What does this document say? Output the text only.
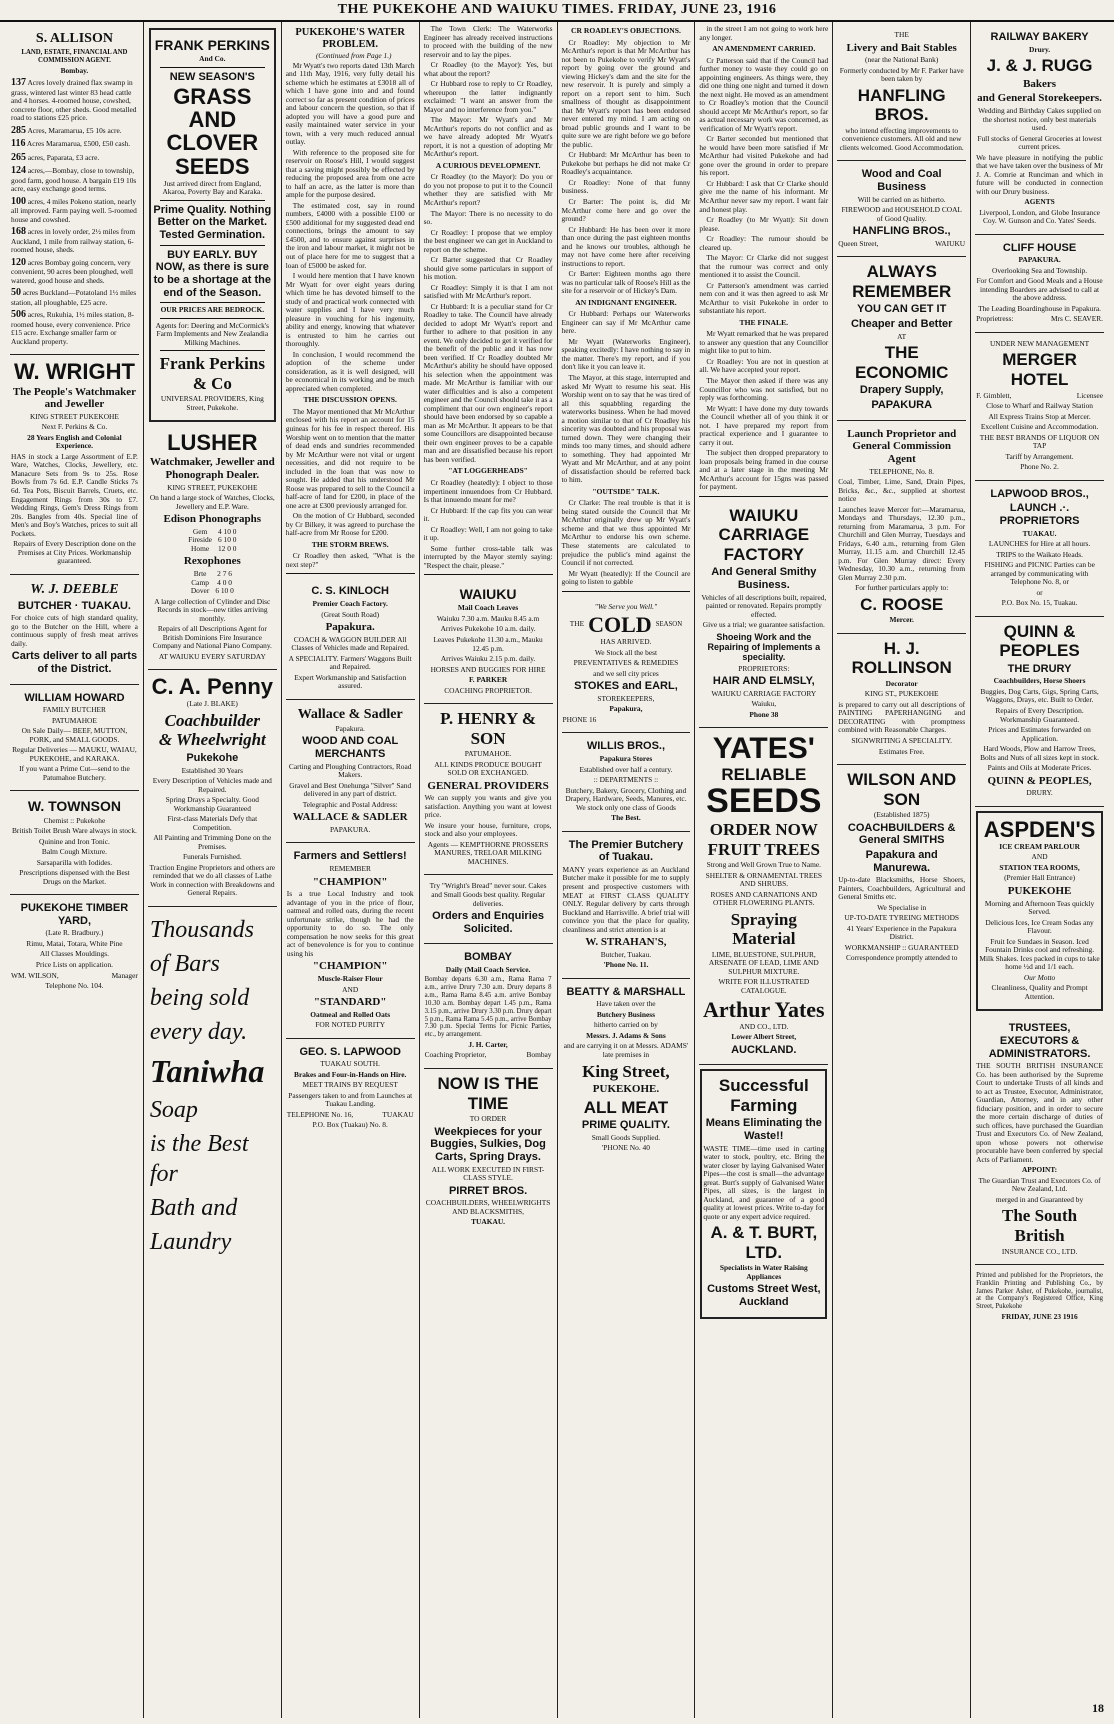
THE PUKEKOHE AND WAIUKU TIMES. FRIDAY, JUNE 23, 1916
S. ALLISON

LAND, ESTATE, FINANCIAL AND COMMISSION AGENT.

Bombay.

137 Acres lovely drained flax swamp in grass, wintered last winter 83 head cattle and 4 horses. 4-roomed house, cowshed, concrete floor, other sheds. Good metalled road to stations £25 price.

285 Acres, Maramarua, £5 10s acre.

116 Acres Maramarua, £500, £50 cash.

265 acres, Paparata, £3 acre.

124 acres,—Bombay, close to township, good farm, good house. A bargain £19 10s acre, easy exchange good terms.

100 acres, 4 miles Pokeno station, nearly all improved. Farm paying well. 5-roomed house and cowshed.

168 acres in lovely order, 2½ miles from Auckland, 1 mile from railway station, 6-roomed house, sheds.

120 acres Bombay going concern, very convenient, 90 acres been ploughed, well watered, good house and sheds.

50 acres Buckland—Potatoland 1½ miles station, all ploughable, £25 acre.

506 acres, Rukuhia, 1½ miles station, 8-roomed house, every convenience. Price £15 acre. Exchange smaller farm or Auckland property.

W. WRIGHT
The People's Watchmaker and Jeweller

KING STREET PUKEKOHE

Next F. Perkins & Co.

28 Years English and Colonial Experience.

HAS in stock a Large Assortment of E.P. Ware, Watches, Clocks, Jewellery, etc. Manacure Sets from 9s to 25s. Rose Bowls from 7s 6d. E.P. Candle Sticks 7s 6d. Tea Pots, Biscuit Barrels, Cruets, etc. Engagement Rings from 30s to £7. Wedding Rings, Gem's Dress Rings from 20s. Bangles from 40s. Special line of Men's and Boy's Watches, prices to suit all Pockets.

Repairs of Every Description done on the Premises at City Prices. Workmanship guaranteed.

W. J. DEEBLE
BUTCHER · TUAKAU.

For choice cuts of high standard quality, go to the Butcher on the Hill, where a continuous supply of fresh meat arrives daily.

Carts deliver to all parts of the District.
WILLIAM HOWARD

FAMILY BUTCHER

PATUMAHOE

On Sale Daily— BEEF, MUTTON, PORK, and SMALL GOODS.

Regular Deliveries — MAUKU, WAIAU, PUKEKOHE, and KARAKA.

If you want a Prime Cut—send to the Patumahoe Butchery.

W. TOWNSON

Chemist :: Pukekohe

British Toilet Brush Ware always in stock.

Quinine and Iron Tonic.

Balm Cough Mixture.

Sarsaparilla with Iodides.

Prescriptions dispensed with the Best Drugs on the Market.

PUKEKOHE TIMBER YARD,

(Late R. Bradbury.)

Rimu, Matai, Totara, White Pine

All Classes Mouldings.

Price Lists on application.

WM. WILSON,	Manager

Telephone No. 104.

FRANK PERKINS

And Co.

NEW SEASON'S
GRASS AND
CLOVER SEEDS

Just arrived direct from England, Akaroa, Poverty Bay and Karaka.

Prime Quality. Nothing Better on the Market. Tested Germination.
BUY EARLY. BUY NOW, as there is sure to be a shortage at the end of the Season.

OUR PRICES ARE BEDROCK.

Agents for: Deering and McCormick's Farm Implements and New Zealandia Milking Machines.

Frank Perkins & Co

UNIVERSAL PROVIDERS, King Street, Pukekohe.

LUSHER
Watchmaker, Jeweller and Phonograph Dealer.

KING STREET, PUKEKOHE

On hand a large stock of Watches, Clocks, Jewellery and E.P. Ware.

Edison Phonographs
Gem	4 10 0
Fireside	6 10 0
Home	12 0 0
Rexophones
Brte	2 7 6
Camp	4 0 0
Dover	6 10 0

A large collection of Cylinder and Disc Records in stock—new titles arriving monthly.

Repairs of all Descriptions Agent for British Dominions Fire Insurance Company and National Piano Company.

AT WAIUKU EVERY SATURDAY

C. A. Penny

(Late J. BLAKE)

Coachbuilder
& Wheelwright
Pukekohe

Established 30 Years

Every Description of Vehicles made and Repaired.

Spring Drays a Specialty. Good Workmanship Guaranteed

First-class Materials Defy that Competition.

All Painting and Trimming Done on the Premises.

Funerals Furnished.

Traction Engine Proprietors and others are reminded that we do all classes of Lathe Work in connection with Breakdowns and General Repairs.

Thousands
of Bars
being sold
every day.
Taniwha
Soap
is the Best for
Bath and
Laundry
PUKEKOHE'S WATER PROBLEM.

(Continued from Page 1.)

Mr Wyatt's two reports dated 13th March and 11th May, 1916, very fully detail his scheme which he estimates at £3018 all of which I have gone into and and found correct so far as present condition of prices and labour concern the question, so that if adopted you will have a good pure and easily maintained water service in your town, with a very much reduced annual outlay.

With reference to the proposed site for reservoir on Roose's Hill, I would suggest that a saving might possibly be effected by reducing the proposed area from one acre to half an acre, as the latter is more than ample for the purpose desired.

The estimated cost, say in round numbers, £4000 with a possible £100 or £500 additional for my suggested dead end connections, brings the amount to say £4500, and to ensure against surprises in the iron and labour market, it might not be out of place here for me to suggest that a loan of £5000 be asked for.

I would here mention that I have known Mr Wyatt for over eight years during which time he has devoted himself to the study of and practical work connected with water supplies and I have very much pleasure in vouching for his ingenuity, ability and energy, knowing that whatever is entrusted to him he carries out thoroughly.

In conclusion, I would recommend the adoption of the scheme under consideration, as it is well designed, will be economical in its working and be much appreciated when completed.

THE DISCUSSION OPENS.

The Mayor mentioned that Mr McArthur enclosed with his report an account for 15 guineas for his fee in respect thereof. His Worship went on to mention that the matter of dead ends and sundries recommended by Mr McArthur were not vital or urgent necessities, and did not require to be included in the loan that was now to sought. He added that his understood Mr Roose was prepared to sell to the Council a half-acre of land for £200, in place of the one acre at £300 previously arranged for.

On the motion of Cr Hubbard, seconded by Cr Bilkey, it was agreed to purchase the half-acre from Mr Roose for £200.

THE STORM BREWS.

Cr Roadley then asked, "What is the next step?"

C. S. KINLOCH

Premier Coach Factory.

(Great South Road)

Papakura.

COACH & WAGGON BUILDER All Classes of Vehicles made and Repaired.

A SPECIALITY. Farmers' Waggons Built and Repaired.

Expert Workmanship and Satisfaction assured.

Wallace & Sadler

Papakura.

WOOD AND COAL MERCHANTS

Carting and Ploughing Contractors, Road Makers.

Gravel and Best Onehunga "Silver" Sand delivered in any part of district.

Telegraphic and Postal Address:

WALLACE & SADLER

PAPAKURA.

Farmers and Settlers!

REMEMBER

"CHAMPION"

Is a true Local Industry and took advantage of you in the price of flour, oatmeal and rolled oats, during the recent unfortunate strike, though he had the opportunity to do so. The only compensation he now seeks for this great act of benevolence is for you to continue using his

"CHAMPION"

Muscle-Raiser Flour

AND

"STANDARD"

Oatmeal and Rolled Oats

FOR NOTED PURITY

GEO. S. LAPWOOD

TUAKAU SOUTH.

Brakes and Four-in-Hands on Hire.

MEET TRAINS BY REQUEST

Passengers taken to and from Launches at Tuakau Landing.

TELEPHONE No. 16,	TUAKAU

P.O. Box (Tuakau) No. 8.

The Town Clerk: The Waterworks Engineer has already received instructions to proceed with the building of the new reservoir and to lay the pipes.

Cr Roadley (to the Mayor): Yes, but what about the report?

Cr Hubbard rose to reply to Cr Roadley, whereupon the latter indignantly exclaimed: "I want an answer from the Mayor and no interference from you."

The Mayor: Mr Wyatt's and Mr McArthur's reports do not conflict and as we have already adopted Mr Wyatt's report, it is not a question of adopting Mr McArthur's report.

A CURIOUS DEVELOPMENT.

Cr Roadley (to the Mayor): Do you or do you not propose to put it to the Council whether they are satisfied with Mr McArthur's report?

The Mayor: There is no necessity to do so.

Cr Roadley: I propose that we employ the best engineer we can get in Auckland to report on the scheme.

Cr Barter suggested that Cr Roadley should give some particulars in support of his motion.

Cr Roadley: Simply it is that I am not satisfied with Mr McArthur's report.

Cr Hubbard: It is a peculiar stand for Cr Roadley to take. The Council have already decided to adopt Mr Wyatt's report and further to adhere to that position in any event. We only decided to get it verified for the benefit of the public and it has now been verified. If Cr Roadley doubted Mr McArthur's ability he should have opposed his selection when the appointment was made. Mr McArthur is familiar with our water difficulties and is also a competent engineer and the Council should take it as a compliment that our own engineer's report should have been endorsed by so capable a man as Mr McArthur. It appears to be that some Councillors are disappointed because their own engineer proves to be a capable man and are dissatisfied because his report has been verified.

"AT LOGGERHEADS"

Cr Roadley (heatedly): I object to those impertinent innuendoes from Cr Hubbard. Is that innuendo meant for me?

Cr Hubbard: If the cap fits you can wear it.

Cr Roadley: Well, I am not going to take it up.

Some further cross-table talk was interrupted by the Mayor sternly saying: "Respect the chair, please."

WAIUKU

Mail Coach Leaves

Waiuku 7.30 a.m. Mauku 8.45 a.m

Arrives Pukekohe 10 a.m. daily.

Leaves Pukekohe 11.30 a.m., Mauku 12.45 p.m.

Arrives Waiuku 2.15 p.m. daily.

HORSES AND BUGGIES FOR HIRE

F. PARKER

COACHING PROPRIETOR.

P. HENRY & SON

PATUMAHOE.

ALL KINDS PRODUCE BOUGHT SOLD OR EXCHANGED.

GENERAL PROVIDERS

We can supply you wants and give you satisfaction. Anything you want at lowest price.

We insure your house, furniture, crops, stock and also your employees.

Agents — KEMPTHORNE PROSSERS MANURES, TRELOAR MILKING MACHINES.

Try "Wright's Bread" never sour. Cakes and Small Goods best quality. Regular deliveries.

Orders and Enquiries Solicited.
BOMBAY

Daily (Mail Coach Service.

Bombay departs 6.30 a.m., Rama Rama 7 a.m., arrive Drury 7.30 a.m. Drury departs 8 a.m., Rama Rama 8.45 a.m. arrive Bombay 10.30 a.m. Bombay depart 1.45 p.m., Rama 3.15 p.m., arrive Drury 3.30 p.m. Drury depart 5 p.m., Rama Rama 5.45 p.m., arrive Bombay 7.30 p.m. Special Terms for Picnic Parties, etc., by arrangement.

J. H. Carter,

Coaching Proprietor,	Bombay

NOW IS THE TIME

TO ORDER

Weekpieces for your Buggies, Sulkies, Dog Carts, Spring Drays.

ALL WORK EXECUTED IN FIRST-CLASS STYLE.

PIRRET BROS.

COACHBUILDERS, WHEELWRIGHTS AND BLACKSMITHS,

TUAKAU.

CR ROADLEY'S OBJECTIONS.

Cr Roadley: My objection to Mr McArthur's report is that Mr McArthur has not been to Pukekohe to verify Mr Wyatt's report by going over the ground and viewing Hickey's dam and the site for the new reservoir. It is purely and simply a report on a report sent to him. Such smallness of thought as disappointment that Mr Wyatt's report has been endorsed never entered my mind. I am acting on broad public grounds and I want to be quite sure we are right before we go before the public.

Cr Hubbard: Mr McArthur has been to Pukekohe but perhaps he did not make Cr Roadley's acquaintance.

Cr Roadley: None of that funny business.

Cr Barter: The point is, did Mr McArthur come here and go over the ground?

Cr Hubbard: He has been over it more than once during the past eighteen months and he knows our troubles, although he may not have come here after receiving instructions to report.

Cr Barter: Eighteen months ago there was no particular talk of Roose's Hill as the site for a reservoir or of Hickey's Dam.

AN INDIGNANT ENGINEER.

Cr Hubbard: Perhaps our Waterworks Engineer can say if Mr McArthur came here.

Mr Wyatt (Waterworks Engineer), speaking excitedly: I have nothing to say in the matter. There's my report, and if you don't like it you can leave it.

The Mayor, at this stage, interrupted and asked Mr Wyatt to resume his seat. His Worship went on to say that he was tired of all this squabbling regarding the waterworks business. When he had moved a motion similar to that of Cr Roadley his sincerity was doubted and his proposal was turned down. They were changing their minds too many times, and should adhere to something. They had appointed Mr Wyatt and Mr McArthur, and at any point of dissatisfaction should be referred back to him.

"OUTSIDE" TALK.

Cr Clarke: The real trouble is that it is being stated outside the Council that Mr McArthur originally drew up Mr Wyatt's scheme and that we thus appointed Mr McArthur to endorse his own scheme. These statements are calculated to prejudice the public's mind against the Council if not corrected.

Mr Wyatt (heatedly): If the Council are going to listen to gabble

"We Serve you Well."

THE COLD SEASON

HAS ARRIVED.

We Stock all the best

PREVENTATIVES & REMEDIES

and we sell city prices

STOKES and EARL,

STOREKEEPERS,

Papakura,

PHONE 16

WILLIS BROS.,

Papakura Stores

Established over half a century.

:: DEPARTMENTS ::

Butchery, Bakery, Grocery, Clothing and Drapery, Hardware, Seeds, Manures, etc. We stock only one class of Goods

The Best.

The Premier Butchery of Tuakau.

MANY years experience as an Auckland Butcher make it possible for me to supply present and prospective customers with MEAT at FIRST CLASS QUALITY ONLY. Regular delivery by carts through Buckland and Harrisville. A brief trial will convince you that the place for quality, cleanliness and strict attention is at

W. STRAHAN'S,

Butcher, Tuakau.

'Phone No. 11.

BEATTY & MARSHALL

Have taken over the

Butchery Business

hitherto carried on by

Messrs. J. Adams & Sons

and are carrying it on at Messrs. ADAMS' late premises in

King Street,
PUKEKOHE.
ALL MEAT
PRIME QUALITY.

Small Goods Supplied.

'PHONE No. 40

in the street I am not going to work here any longer.

AN AMENDMENT CARRIED.

Cr Patterson said that if the Council had further money to waste they could go on appointing engineers. As things were, they did one thing one night and turned it down the next night. He moved as an amendment to Cr Roadley's motion that the Council should accept Mr McArthur's report, so far as actual necessary work was concerned, as verification of Mr Wyatt's report.

Cr Barter seconded but mentioned that he would have been more satisfied if Mr McArthur had visited Pukekohe and had gone over the ground in order to prepare his report.

Cr Hubbard: I ask that Cr Clarke should give me the name of his informant. Mr McArthur never saw my report. I want fair and honest play.

Cr Roadley (to Mr Wyatt): Sit down please.

Cr Roadley: The rumour should be cleared up.

The Mayor: Cr Clarke did not suggest that the rumour was correct and only mentioned it to assist the Council.

Cr Patterson's amendment was carried nem con and it was then agreed to ask Mr McArthur to visit Pukekohe in order to substantiate his report.

THE FINALE.

Mr Wyatt remarked that he was prepared to answer any question that any Councillor might like to put to him.

Cr Roadley: You are not in question at all. We have accepted your report.

The Mayor then asked if there was any Councillor who was not satisfied, but no reply was forthcoming.

Mr Wyatt: I have done my duty towards the Council whether all of you think it or not. I have prepared my report from practical experience and I guarantee to carry it out.

The subject then dropped preparatory to loan proposals being framed in due course and at a later stage in the meeting Mr McArthur's account for 15gns was passed for payment.

WAIUKU CARRIAGE FACTORY
And General Smithy Business.

Vehicles of all descriptions built, repaired, painted or renovated. Repairs promptly effected.

Give us a trial; we guarantee satisfaction.

Shoeing Work and the Repairing of Implements a speciality.

PROPRIETORS:

HAIR AND ELMSLY,

WAIUKU CARRIAGE FACTORY

Waiuku,

Phone 38

YATES'
RELIABLE
SEEDS
ORDER NOW
FRUIT TREES

Strong and Well Grown True to Name.

SHELTER & ORNAMENTAL TREES AND SHRUBS.

ROSES AND CARNATIONS AND OTHER FLOWERING PLANTS.

Spraying Material

LIME, BLUESTONE, SULPHUR, ARSENATE OF LEAD, LIME AND SULPHUR MIXTURE.

WRITE FOR ILLUSTRATED CATALOGUE.

Arthur Yates

AND CO., LTD.

Lower Albert Street,

AUCKLAND.
Successful Farming
Means Eliminating the Waste!!

WASTE TIME—time used in carting water to stock, poultry, etc. Bring the water closer by laying Galvanised Water Pipes—the cost is small—the advantage great. Burt's supply of Galvanised Water Pipes, all sizes, is the largest in Auckland, and guarantee of a good quality at lowest prices. Write to-day for quote or any expert advice required.

A. & T. BURT, LTD.

Specialists in Water Raising Appliances

Customs Street West, Auckland

THE

Livery and Bait Stables

(near the National Bank)

Formerly conducted by Mr F. Parker have been taken by

HANFLING BROS.

who intend effecting improvements to convenience customers. All old and new clients welcomed. Good Accommodation.

Wood and Coal Business

Will be carried on as hitherto.

FIREWOOD and HOUSEHOLD COAL of Good Quality.

HANFLING BROS.,

Queen Street,	WAIUKU

ALWAYS REMEMBER
YOU CAN GET IT
Cheaper and Better

AT

THE ECONOMIC
Drapery Supply,
PAPAKURA
Launch Proprietor and General Commission Agent

TELEPHONE, No. 8.

Coal, Timber, Lime, Sand, Drain Pipes, Bricks, &c., &c., supplied at shortest notice

Launches leave Mercer for:—Maramarua, Mondays and Thursdays, 12.30 p.m., returning from Maramarua, 3 p.m. For Churchill and Glen Murray, Tuesdays and Fridays, 6.40 a.m., returning from Glen Murray, 11.15 a.m. and Churchill 12.45 p.m. For Glen Murray direct: Every Wednesday, 10.30 a.m., returning from Glen Murray 2.30 p.m.

For further particulars apply to:

C. ROOSE

Mercer.

H. J. ROLLINSON

Decorator

KING ST., PUKEKOHE

is prepared to carry out all descriptions of PAINTING PAPERHANGING and DECORATING with promptness combined with Reasonable Charges.

SIGNWRITING A SPECIALITY.

Estimates Free.

WILSON AND SON

(Established 1875)

COACHBUILDERS & General SMITHS
Papakura and Manurewa.

Up-to-date Blacksmiths, Horse Shoers, Painters, Coachbuilders, Agricultural and General Smiths etc.

We Specialise in

UP-TO-DATE TYREING METHODS

41 Years' Experience in the Papakura District.

WORKMANSHIP :: GUARANTEED

Correspondence promptly attended to

RAILWAY BAKERY

Drury.

J. & J. RUGG
Bakers
and General Storekeepers.

Wedding and Birthday Cakes supplied on the shortest notice, only best materials used.

Full stocks of General Groceries at lowest current prices.

We have pleasure in notifying the public that we have taken over the business of Mr J. A. Comrie at Runciman and which in future will be conducted in connection with our Drury business.

AGENTS

Liverpool, London, and Globe Insurance Coy. W. Gunson and Co. Yates' Seeds.

CLIFF HOUSE

PAPAKURA.

Overlooking Sea and Township.

For Comfort and Good Meals and a House intending Boarders are advised to call at the above address.

The Leading Boardinghouse in Papakura.

Proprietress:	Mrs C. SEAVER.

UNDER NEW MANAGEMENT

MERGER HOTEL

F. Gimblett,	Licensee

Close to Wharf and Railway Station

All Express Trains Stop at Mercer.

Excellent Cuisine and Accommodation.

THE BEST BRANDS OF LIQUOR ON TAP

Tariff by Arrangement.

Phone No. 2.

LAPWOOD BROS.,
LAUNCH .·. PROPRIETORS

TUAKAU.

LAUNCHES for Hire at all hours.

TRIPS to the Waikato Heads.

FISHING and PICNIC Parties can be arranged by communicating with Telephone No. 8, or

or

P.O. Box No. 15, Tuakau.

QUINN & PEOPLES
THE DRURY

Coachbuilders, Horse Shoers

Buggies, Dog Carts, Gigs, Spring Carts, Waggons, Drays, etc. Built to Order.

Repairs of Every Description. Workmanship Guaranteed.

Prices and Estimates forwarded on Application.

Hard Woods, Plow and Harrow Trees, Bolts and Nuts of all sizes kept in stock.

Paints and Oils at Moderate Prices.

QUINN & PEOPLES,

DRURY.

ASPDEN'S

ICE CREAM PARLOUR

AND

STATION TEA ROOMS,

(Premier Hall Entrance)

PUKEKOHE

Morning and Afternoon Teas quickly Served.

Delicious Ices, Ice Cream Sodas any Flavour.

Fruit Ice Sundaes in Season. Iced Fountain Drinks cool and refreshing. Milk Shakes. Ices packed in cups to take home ½d and 1/1 each.

Our Motto

Cleanliness, Quality and Prompt Attention.

TRUSTEES, EXECUTORS & ADMINISTRATORS.

THE SOUTH BRITISH INSURANCE Co. has been authorised by the Supreme Court to undertake Trusts of all kinds and to act as Trustee, Executor, Administrator, Guardian, Attorney, and in any other fiduciary position, and in order to secure the more certain discharge of duties of such offices, have purchased the Guardian Trust and Executors Co. of New Zealand, upon whose powers not otherwise procurable have been conferred by special Acts of Parliament.

APPOINT:

The Guardian Trust and Executors Co. of New Zealand, Ltd.

merged in and Guaranteed by

The South British

INSURANCE CO., LTD.

Printed and published for the Proprietors, the Franklin Printing and Publishing Co., by James Parker Asher, of Pukekohe, journalist, at the Company's Registered Office, King Street, Pukekohe

FRIDAY, JUNE 23 1916

18
